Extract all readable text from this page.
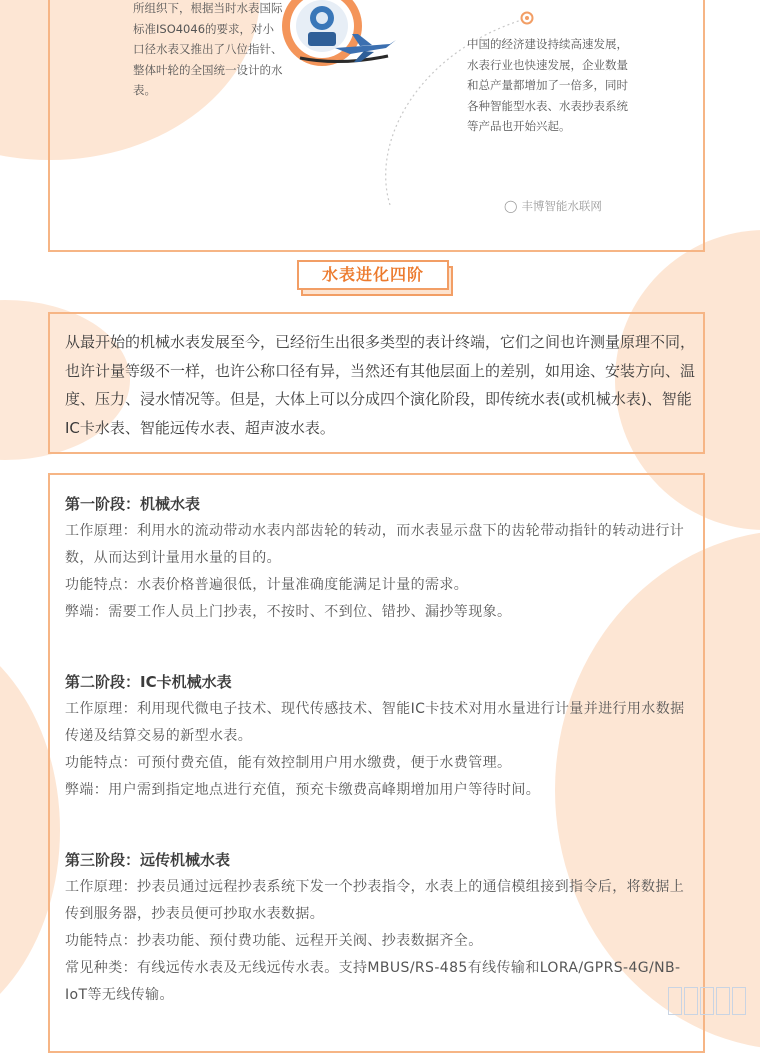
所组织下，根据当时水表国际标准ISO4046的要求，对小口径水表又推出了八位指针、整体叶轮的全国统一设计的水表。
中国的经济建设持续高速发展，水表行业也快速发展，企业数量和总产量都增加了一倍多，同时各种智能型水表、水表抄表系统等产品也开始兴起。
◯ 丰博智能水联网
水表进化四阶
从最开始的机械水表发展至今，已经衍生出很多类型的表计终端，它们之间也许测量原理不同，也许计量等级不一样，也许公称口径有异，当然还有其他层面上的差别，如用途、安装方向、温度、压力、浸水情况等。但是，大体上可以分成四个演化阶段，即传统水表(或机械水表)、智能IC卡水表、智能远传水表、超声波水表。
第一阶段：机械水表
工作原理：利用水的流动带动水表内部齿轮的转动，而水表显示盘下的齿轮带动指针的转动进行计数，从而达到计量用水量的目的。
功能特点：水表价格普遍很低，计量准确度能满足计量的需求。
弊端：需要工作人员上门抄表，不按时、不到位、错抄、漏抄等现象。
第二阶段：IC卡机械水表
工作原理：利用现代微电子技术、现代传感技术、智能IC卡技术对用水量进行计量并进行用水数据传递及结算交易的新型水表。
功能特点：可预付费充值，能有效控制用户用水缴费，便于水费管理。
弊端：用户需到指定地点进行充值，预充卡缴费高峰期增加用户等待时间。
第三阶段：远传机械水表
工作原理：抄表员通过远程抄表系统下发一个抄表指令，水表上的通信模组接到指令后，将数据上传到服务器，抄表员便可抄取水表数据。
功能特点：抄表功能、预付费功能、远程开关阀、抄表数据齐全。
常见种类：有线远传水表及无线远传水表。支持MBUS/RS-485有线传输和LORA/GPRS-4G/NB-IoT等无线传输。
